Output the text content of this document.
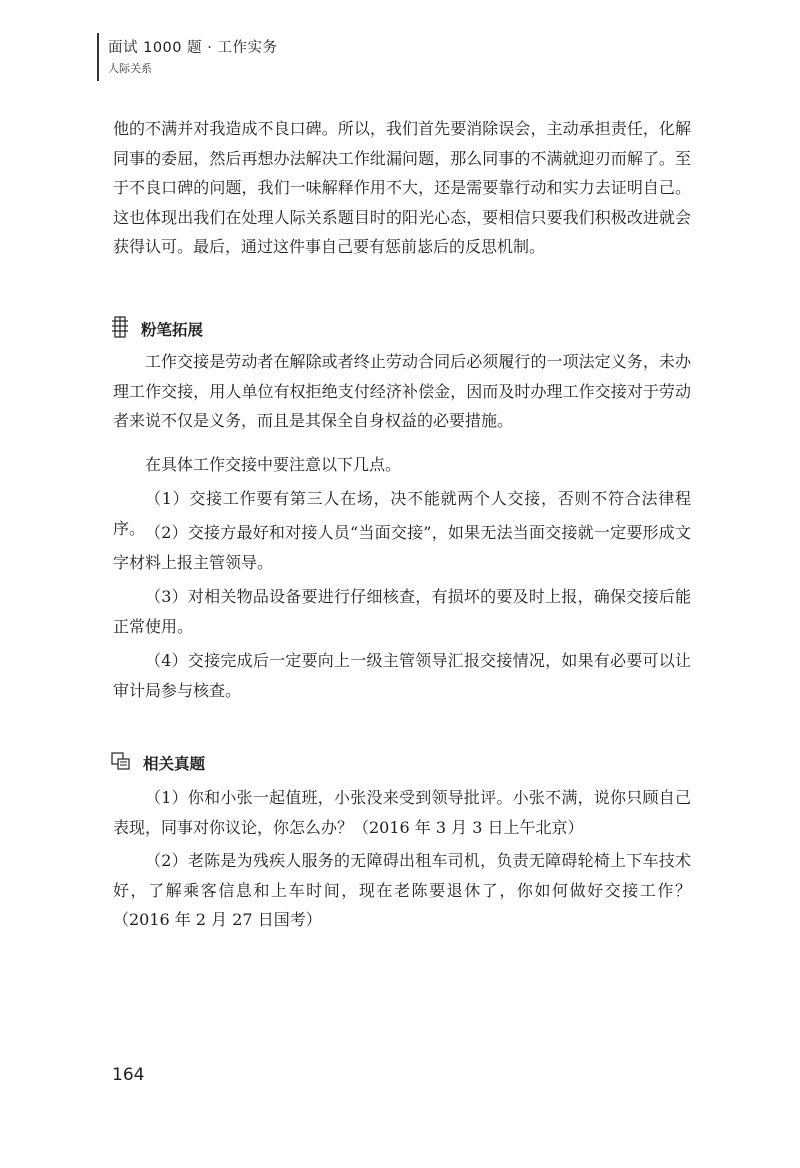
面试 1000 题 · 工作实务
人际关系

他的不满并对我造成不良口碑。所以，我们首先要消除误会，主动承担责任，化解同事的委屈，然后再想办法解决工作纰漏问题，那么同事的不满就迎刃而解了。至于不良口碑的问题，我们一味解释作用不大，还是需要靠行动和实力去证明自己。这也体现出我们在处理人际关系题目时的阳光心态，要相信只要我们积极改进就会获得认可。最后，通过这件事自己要有惩前毖后的反思机制。

粉笔拓展

工作交接是劳动者在解除或者终止劳动合同后必须履行的一项法定义务，未办理工作交接，用人单位有权拒绝支付经济补偿金，因而及时办理工作交接对于劳动者来说不仅是义务，而且是其保全自身权益的必要措施。

在具体工作交接中要注意以下几点。

（1）交接工作要有第三人在场，决不能就两个人交接，否则不符合法律程序。 （2）交接方最好和对接人员“当面交接”，如果无法当面交接就一定要形成文字材料上报主管领导。

（3）对相关物品设备要进行仔细核查，有损坏的要及时上报，确保交接后能正常使用。

（4）交接完成后一定要向上一级主管领导汇报交接情况，如果有必要可以让审计局参与核查。

相关真题

（1）你和小张一起值班，小张没来受到领导批评。小张不满，说你只顾自己表现，同事对你议论，你怎么办？（2016 年 3 月 3 日上午北京）

（2）老陈是为残疾人服务的无障碍出租车司机，负责无障碍轮椅上下车技术好，了解乘客信息和上车时间，现在老陈要退休了，你如何做好交接工作？（2016 年 2 月 27 日国考）

164
